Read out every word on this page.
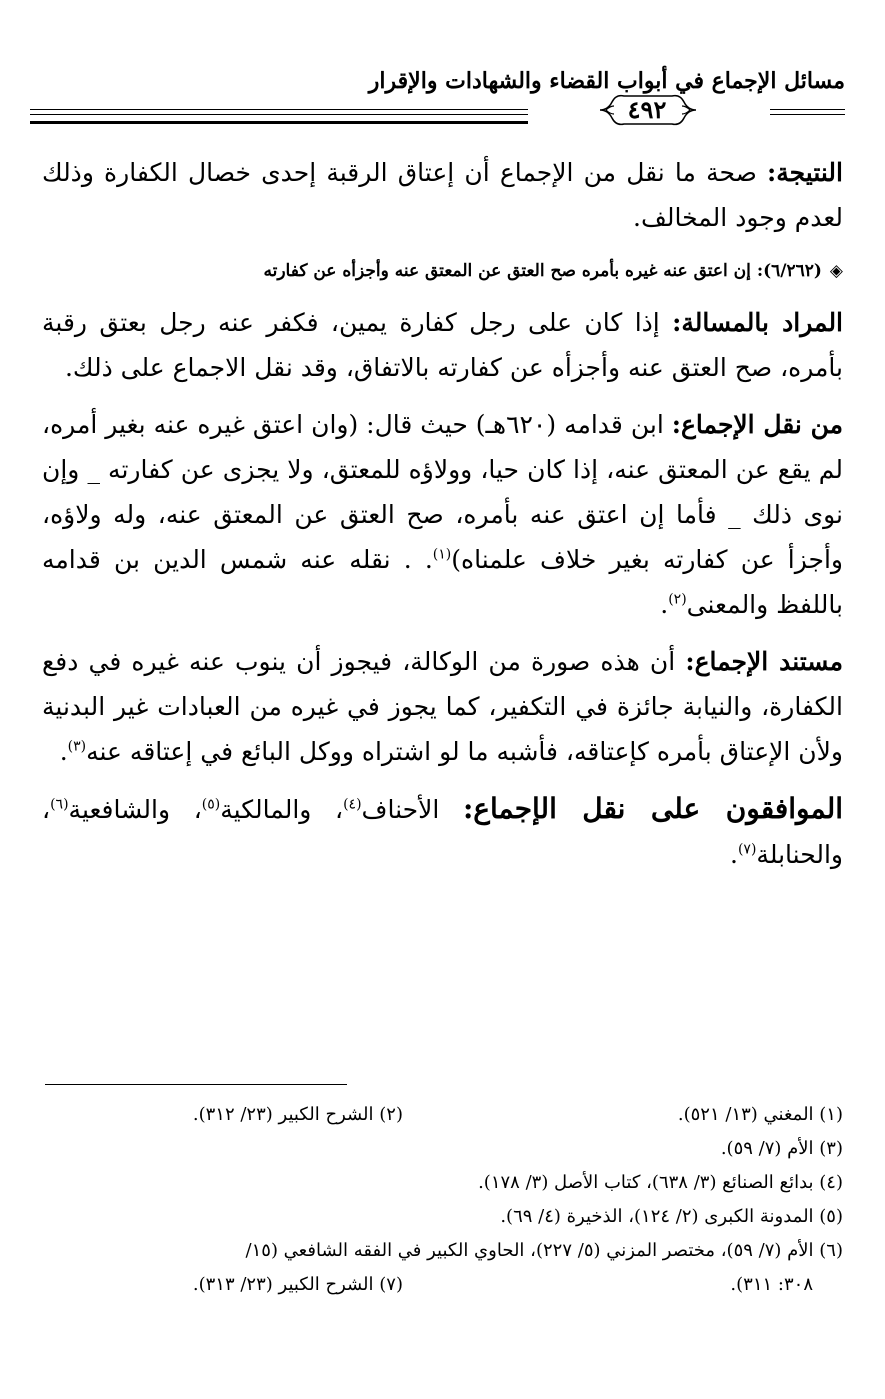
مسائل الإجماع في أبواب القضاء والشهادات والإقرار
٤٩٢

النتيجة: صحة ما نقل من الإجماع أن إعتاق الرقبة إحدى خصال الكفارة وذلك لعدم وجود المخالف.

◈(٦/٢٦٢): إن اعتق عنه غيره بأمره صح العتق عن المعتق عنه وأجزأه عن كفارته

المراد بالمسالة: إذا كان على رجل كفارة يمين، فكفر عنه رجل بعتق رقبة بأمره، صح العتق عنه وأجزأه عن كفارته بالاتفاق، وقد نقل الاجماع على ذلك.

من نقل الإجماع: ابن قدامه (٦٢٠هـ) حيث قال: (وان اعتق غيره عنه بغير أمره، لم يقع عن المعتق عنه، إذا كان حيا، وولاؤه للمعتق، ولا يجزى عن كفارته _ وإن نوى ذلك _ فأما إن اعتق عنه بأمره، صح العتق عن المعتق عنه، وله ولاؤه، وأجزأ عن كفارته بغير خلاف علمناه)$^{(١)}$. . نقله عنه شمس الدين بن قدامه باللفظ والمعنى$^{(٢)}$.

مستند الإجماع: أن هذه صورة من الوكالة، فيجوز أن ينوب عنه غيره في دفع الكفارة، والنيابة جائزة في التكفير، كما يجوز في غيره من العبادات غير البدنية ولأن الإعتاق بأمره كإعتاقه، فأشبه ما لو اشتراه ووكل البائع في إعتاقه عنه$^{(٣)}$.

الموافقون على نقل الإجماع: الأحناف$^{(٤)}$، والمالكية$^{(٥)}$، والشافعية$^{(٦)}$، والحنابلة$^{(٧)}$.

(١) المغني (١٣/ ٥٢١).
(٢) الشرح الكبير (٢٣/ ٣١٢).
(٣) الأم (٧/ ٥٩).
(٤) بدائع الصنائع (٣/ ٦٣٨)، كتاب الأصل (٣/ ١٧٨).
(٥) المدونة الكبرى (٢/ ١٢٤)، الذخيرة (٤/ ٦٩).
(٦) الأم (٧/ ٥٩)، مختصر المزني (٥/ ٢٢٧)، الحاوي الكبير في الفقه الشافعي (١٥/
٣٠٨: ٣١١).
(٧) الشرح الكبير (٢٣/ ٣١٣).
